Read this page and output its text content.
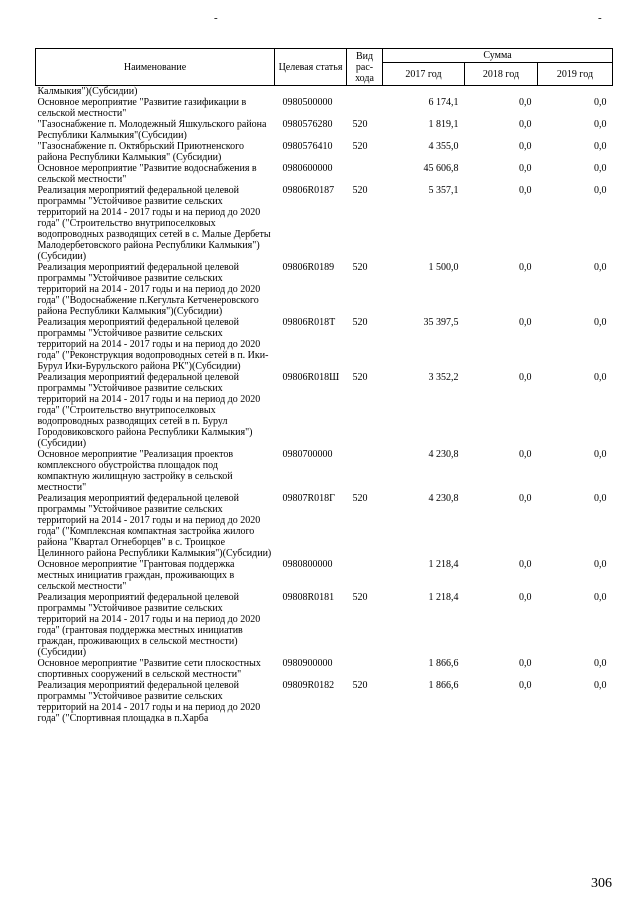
-	-
Наименование	Целевая статья	Вид рас-хода	Сумма		
			2017 год	2018 год	2019 год
Калмыкия")(Субсидии)					
Основное мероприятие "Развитие газификации в сельской местности"	0980500000		6 174,1	0,0	0,0
"Газоснабжение п. Молодежный Яшкульского района Республики Калмыкия"(Субсидии)	0980576280	520	1 819,1	0,0	0,0
"Газоснабжение п. Октябрьский Приютненского района Республики Калмыкия" (Субсидии)	0980576410	520	4 355,0	0,0	0,0
Основное мероприятие "Развитие водоснабжения в сельской местности"	0980600000		45 606,8	0,0	0,0
Реализация мероприятий федеральной целевой программы "Устойчивое развитие сельских территорий на 2014 - 2017 годы и на период до 2020 года" ("Строительство внутрипоселковых водопроводных разводящих сетей в с. Малые Дербеты Малодербетовского района Республики Калмыкия")(Субсидии)	09806R0187	520	5 357,1	0,0	0,0
Реализация мероприятий федеральной целевой программы "Устойчивое развитие сельских территорий на 2014 - 2017 годы и на период до 2020 года" ("Водоснабжение п.Кегульта Кетченеровского района Республики Калмыкия")(Субсидии)	09806R0189	520	1 500,0	0,0	0,0
Реализация мероприятий федеральной целевой программы "Устойчивое развитие сельских территорий на 2014 - 2017 годы и на период до 2020 года" ("Реконструкция водопроводных сетей в п. Ики-Бурул Ики-Бурульского района РК")(Субсидии)	09806R018Т	520	35 397,5	0,0	0,0
Реализация мероприятий федеральной целевой программы "Устойчивое развитие сельских территорий на 2014 - 2017 годы и на период до 2020 года" ("Строительство внутрипоселковых водопроводных разводящих сетей в п. Бурул Городовиковского района Республики Калмыкия")(Субсидии)	09806R018Ш	520	3 352,2	0,0	0,0
Основное мероприятие "Реализация проектов комплексного обустройства площадок под компактную жилищную застройку в сельской местности"	0980700000		4 230,8	0,0	0,0
Реализация мероприятий федеральной целевой программы "Устойчивое развитие сельских территорий на 2014 - 2017 годы и на период до 2020 года" ("Комплексная компактная застройка жилого района "Квартал Огнеборцев" в с. Троицкое Целинного района Республики Калмыкия")(Субсидии)	09807R018Г	520	4 230,8	0,0	0,0
Основное мероприятие "Грантовая поддержка местных инициатив граждан, проживающих в сельской местности"	0980800000		1 218,4	0,0	0,0
Реализация мероприятий федеральной целевой программы "Устойчивое развитие сельских территорий на 2014 - 2017 годы и на период до 2020 года" (грантовая поддержка местных инициатив граждан, проживающих в сельской местности)(Субсидии)	09808R0181	520	1 218,4	0,0	0,0
Основное мероприятие "Развитие сети плоскостных спортивных сооружений в сельской местности"	0980900000		1 866,6	0,0	0,0
Реализация мероприятий федеральной целевой программы "Устойчивое развитие сельских территорий на 2014 - 2017 годы и на период до 2020 года" ("Спортивная площадка в п.Харба	09809R0182	520	1 866,6	0,0	0,0
306
